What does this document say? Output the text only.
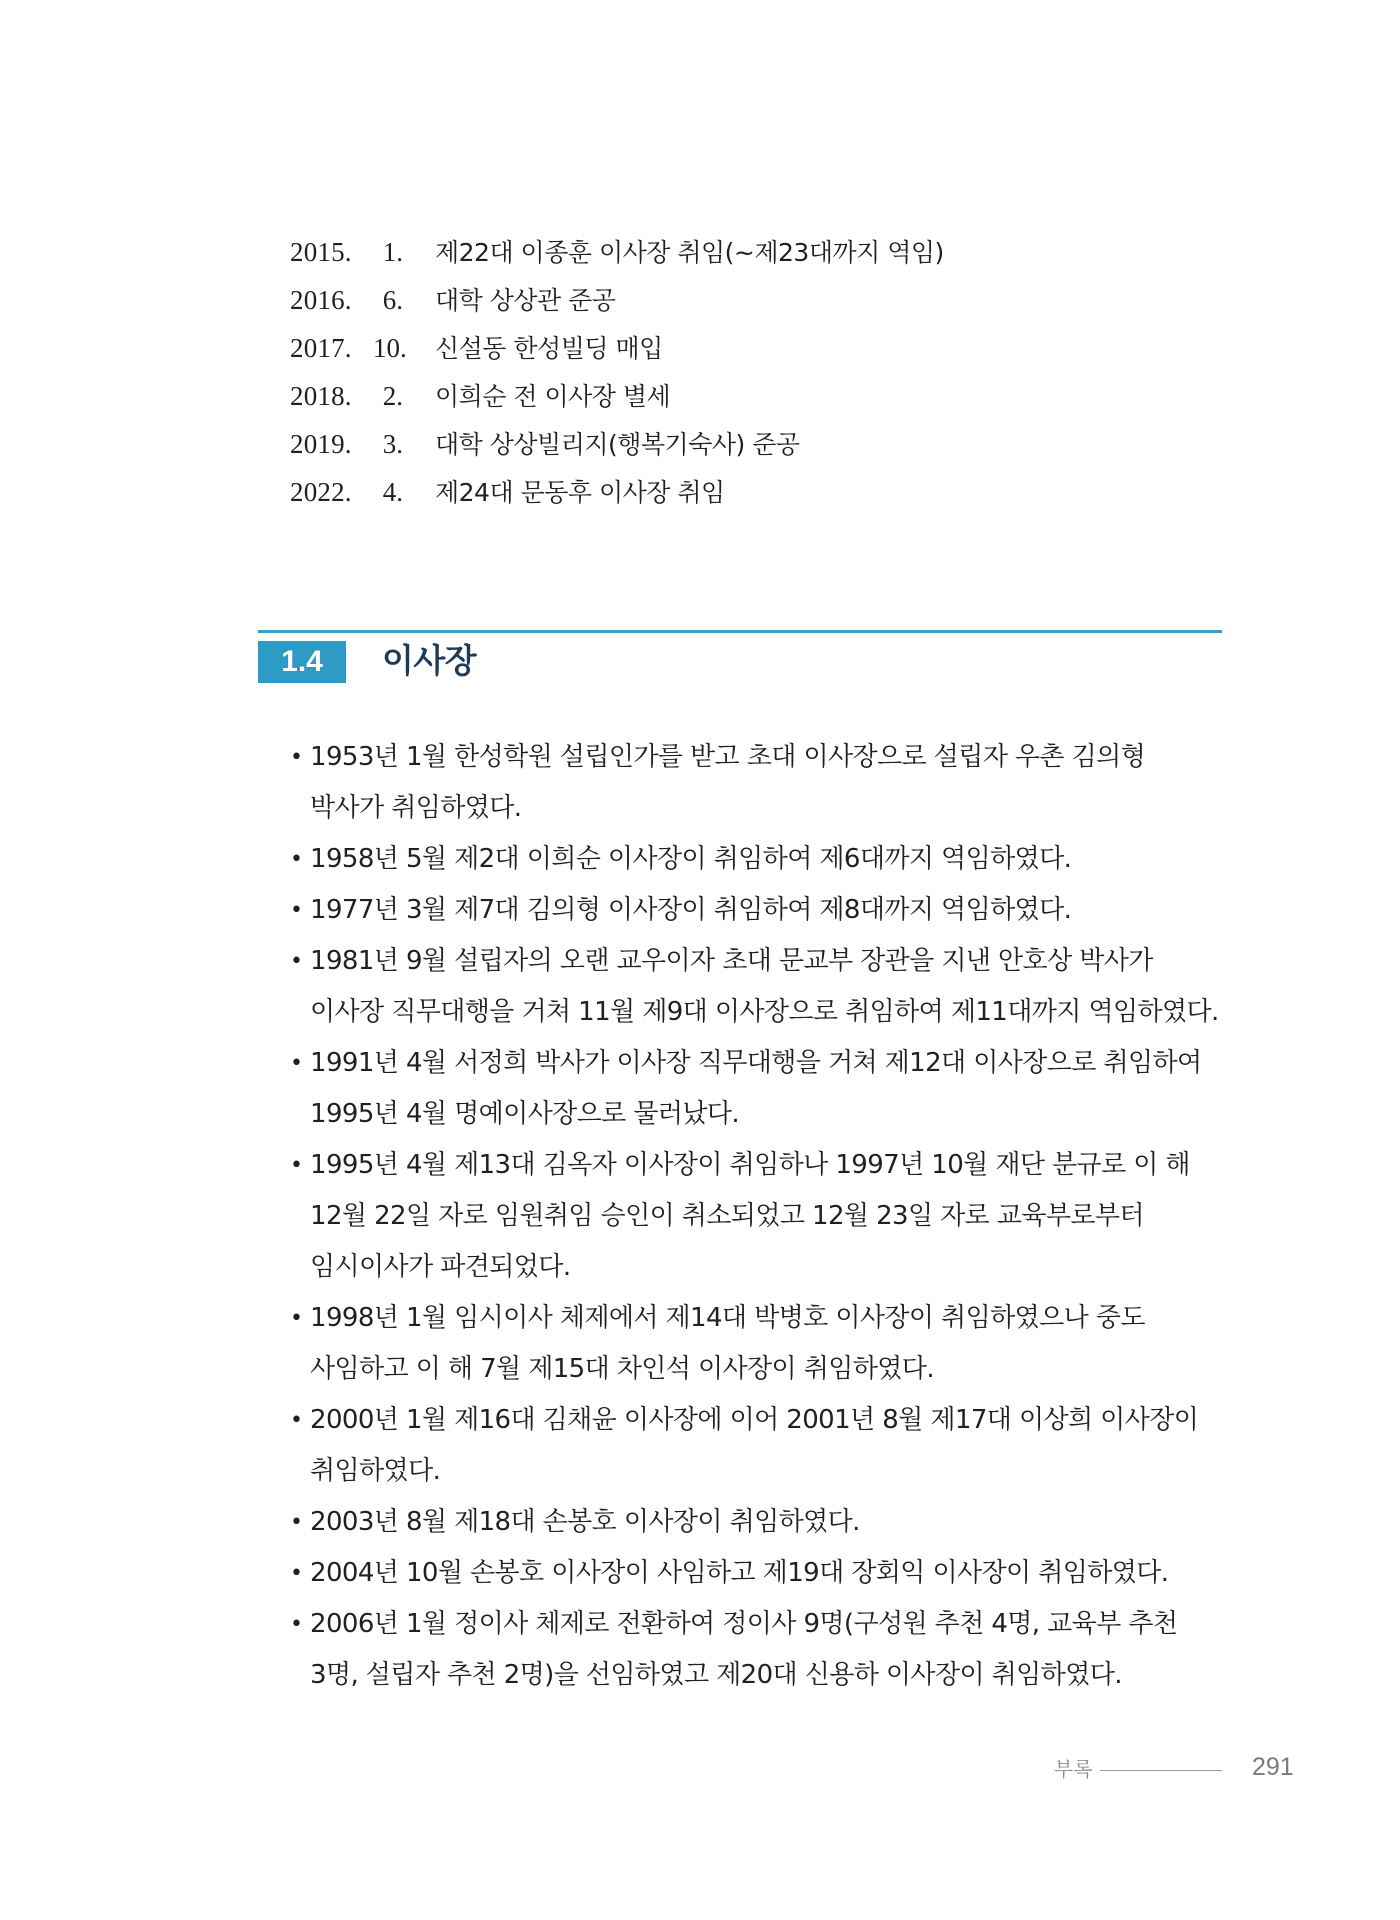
2015.	1. 제22대 이종훈 이사장 취임(~제23대까지 역임)
2016.	6. 대학 상상관 준공
2017. 10. 신설동 한성빌딩 매입
2018.	2. 이희순 전 이사장 별세
2019.	3. 대학 상상빌리지(행복기숙사) 준공
2022.	4. 제24대 문동후 이사장 취임
1.4	이사장
• 1953년 1월 한성학원 설립인가를 받고 초대 이사장으로 설립자 우촌 김의형 박사가 취임하였다.
• 1958년 5월 제2대 이희순 이사장이 취임하여 제6대까지 역임하였다.
• 1977년 3월 제7대 김의형 이사장이 취임하여 제8대까지 역임하였다.
• 1981년 9월 설립자의 오랜 교우이자 초대 문교부 장관을 지낸 안호상 박사가 이사장 직무대행을 거쳐 11월 제9대 이사장으로 취임하여 제11대까지 역임하였다.
• 1991년 4월 서정희 박사가 이사장 직무대행을 거쳐 제12대 이사장으로 취임하여 1995년 4월 명예이사장으로 물러났다.
• 1995년 4월 제13대 김옥자 이사장이 취임하나 1997년 10월 재단 분규로 이 해 12월 22일 자로 임원취임 승인이 취소되었고 12월 23일 자로 교육부로부터 임시이사가 파견되었다.
• 1998년 1월 임시이사 체제에서 제14대 박병호 이사장이 취임하였으나 중도 사임하고 이 해 7월 제15대 차인석 이사장이 취임하였다.
• 2000년 1월 제16대 김채윤 이사장에 이어 2001년 8월 제17대 이상희 이사장이 취임하였다.
• 2003년 8월 제18대 손봉호 이사장이 취임하였다.
• 2004년 10월 손봉호 이사장이 사임하고 제19대 장회익 이사장이 취임하였다.
• 2006년 1월 정이사 체제로 전환하여 정이사 9명(구성원 추천 4명, 교육부 추천 3명, 설립자 추천 2명)을 선임하였고 제20대 신용하 이사장이 취임하였다.
부록	291
